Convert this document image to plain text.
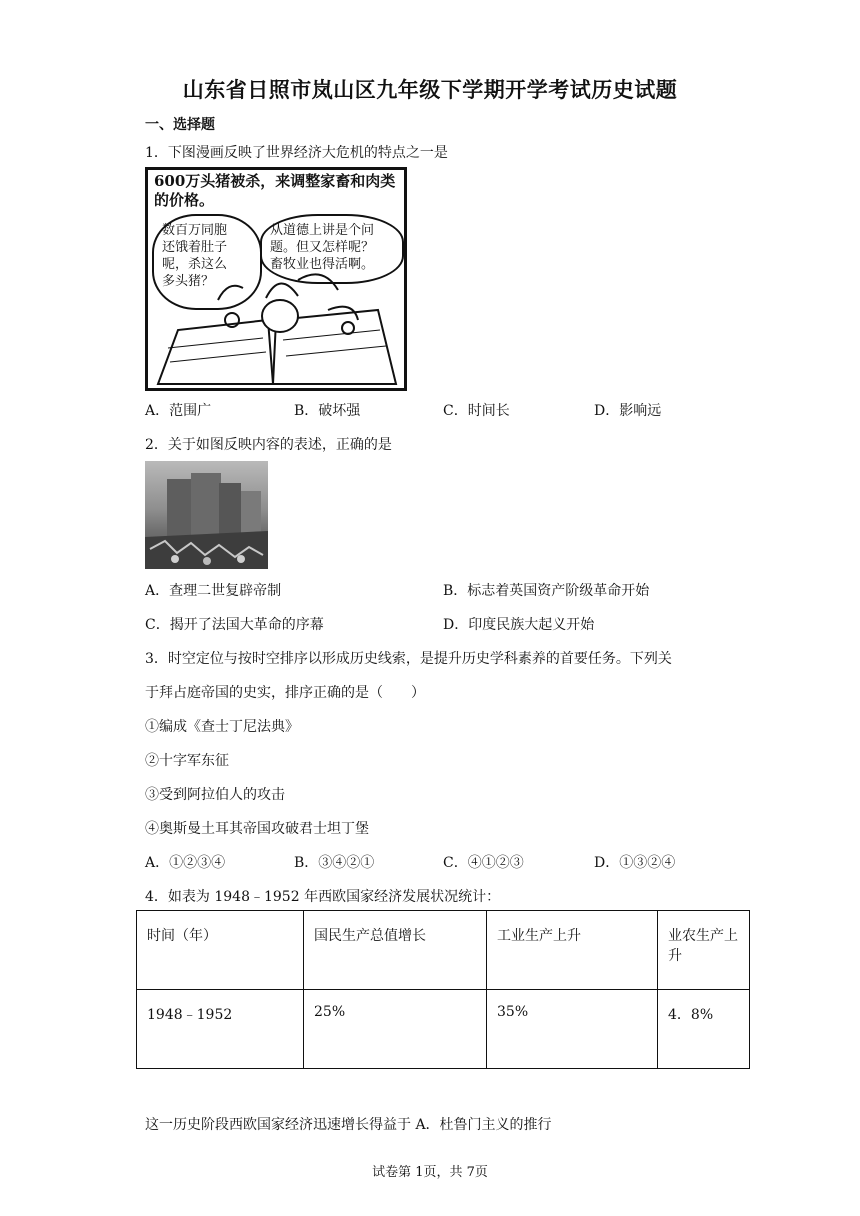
山东省日照市岚山区九年级下学期开学考试历史试题
一、选择题
1．下图漫画反映了世界经济大危机的特点之一是
600万头猪被杀，来调整家畜和肉类的价格。
数百万同胞
还饿着肚子
呢，杀这么
多头猪？
从道德上讲是个问
题。但又怎样呢？
畜牧业也得活啊。
A．范围广	B．破坏强	C．时间长	D．影响远
2．关于如图反映内容的表述，正确的是
A．查理二世复辟帝制	B．标志着英国资产阶级革命开始
C．揭开了法国大革命的序幕	D．印度民族大起义开始
3．时空定位与按时空排序以形成历史线索，是提升历史学科素养的首要任务。下列关
于拜占庭帝国的史实，排序正确的是（　　）
①编成《查士丁尼法典》
②十字军东征
③受到阿拉伯人的攻击
④奥斯曼土耳其帝国攻破君士坦丁堡
A．①②③④	B．③④②①	C．④①②③	D．①③②④
4．如表为 1948﹣1952 年西欧国家经济发展状况统计：
时间（年）	国民生产总值增长	工业生产上升	业农生产上升
1948﹣1952	25%	35%	4．8%
这一历史阶段西欧国家经济迅速增长得益于 A．杜鲁门主义的推行
试卷第 1页，共 7页
